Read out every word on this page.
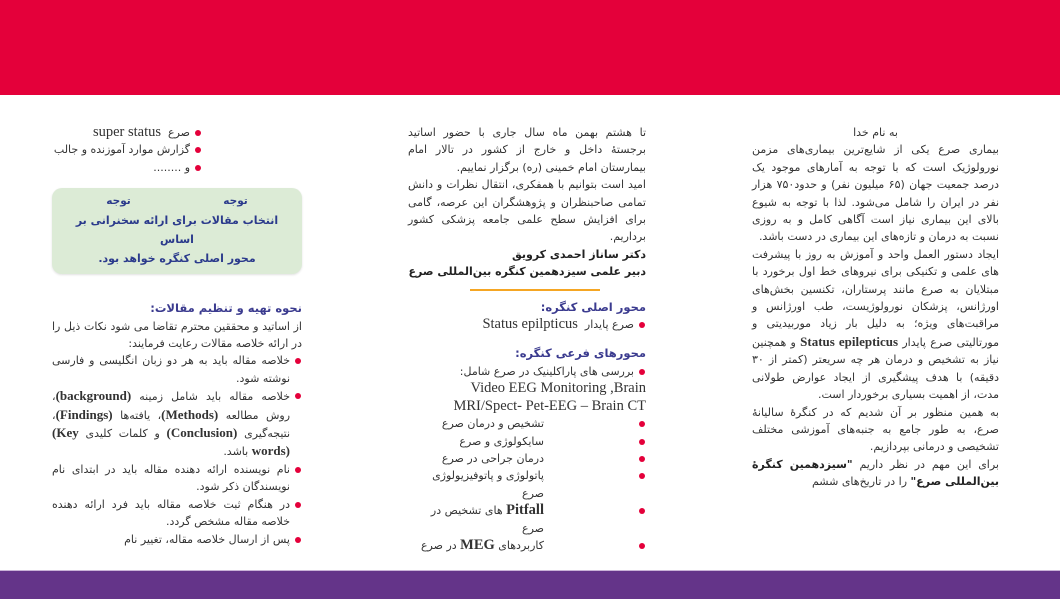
به نام خدا

بیماری صرع یکی از شایع‌ترین بیماری‌های مزمن نورولوژیک است که با توجه به آمارهای موجود یک درصد جمعیت جهان (۶۵ میلیون نفر) و حدود۷۵۰ هزار نفر در ایران را شامل می‌شود. لذا با توجه به شیوع بالای این بیماری نیاز است آگاهی کامل و به روزی نسبت به درمان و تازه‌های این بیماری در دست باشد.

ایجاد دستور العمل واحد و آموزش به روز با پیشرفت های علمی و تکنیکی برای نیروهای خط اول برخورد با مبتلایان به صرع مانند پرستاران، تکنسین بخش‌های اورژانس، پزشکان نورولوژیست، طب اورژانس و مراقبت‌های ویژه؛ به دلیل بار زیاد موربیدیتی و مورتالیتی صرع پایدار Status epilepticus و همچنین نیاز به تشخیص و درمان هر چه سریعتر (کمتر از ۳۰ دقیقه) با هدف پیشگیری از ایجاد عوارض طولانی مدت، از اهمیت بسیاری برخوردار است.

به همین منظور بر آن شدیم که در کنگرهٔ سالیانهٔ صرع، به طور جامع به جنبه‌های آموزشی مختلف تشخیصی و درمانی بپردازیم.

برای این مهم در نظر داریم "سیزدهمین کنگرهٔ بین‌المللی صرع" را در تاریخ‌های ششم

تا هشتم بهمن ماه سال جاری با حضور اساتید برجستهٔ داخل و خارج از کشور در تالار امام بیمارستان امام خمینی (ره) برگزار نماییم.

امید است بتوانیم با همفکری، انتقال نظرات و دانش تمامی صاحبنظران و پژوهشگران این عرصه، گامی برای افزایش سطح علمی جامعه پزشکی کشور برداریم.

دکتر ساناز احمدی کرویق

دبیر علمی سیزدهمین کنگره بین‌المللی صرع

محور اصلی کنگره:

صرع پایدار  Status epilpticus

محورهای فرعی کنگره:

بررسی های پاراکلینیک در صرع شامل:
Video EEG Monitoring ,Brain
MRI/Spect- Pet-EEG – Brain CT
تشخیص و درمان صرع
سایکولوژی و صرع
درمان جراحی در صرع
پاتولوژی و پاتوفیزیولوژی صرع
Pitfall های تشخیص در صرع
کاربردهای MEG در صرع
صرع  super status
گزارش موارد آموزنده و جالب
و ........
توجه
توجه
انتخاب مقالات برای ارائه سخنرانی بر اساس
محور اصلی کنگره خواهد بود.

نحوه تهیه و تنظیم مقالات:

از اساتید و محققین محترم تقاضا می شود نکات ذیل را در ارائه خلاصه مقالات رعایت فرمایند:

خلاصه مقاله باید به هر دو زبان انگلیسی و فارسی نوشته شود.
خلاصه مقاله باید شامل زمینه (background)، روش مطالعه (Methods)، یافته‌ها (Findings)، نتیجه‌گیری (Conclusion) و کلمات کلیدی (Key words) باشد.
نام نویسنده ارائه دهنده مقاله باید در ابتدای نام نویسندگان ذکر شود.
در هنگام ثبت خلاصه مقاله باید فرد ارائه دهنده خلاصه مقاله مشخص گردد.
پس از ارسال خلاصه مقاله، تغییر نام
